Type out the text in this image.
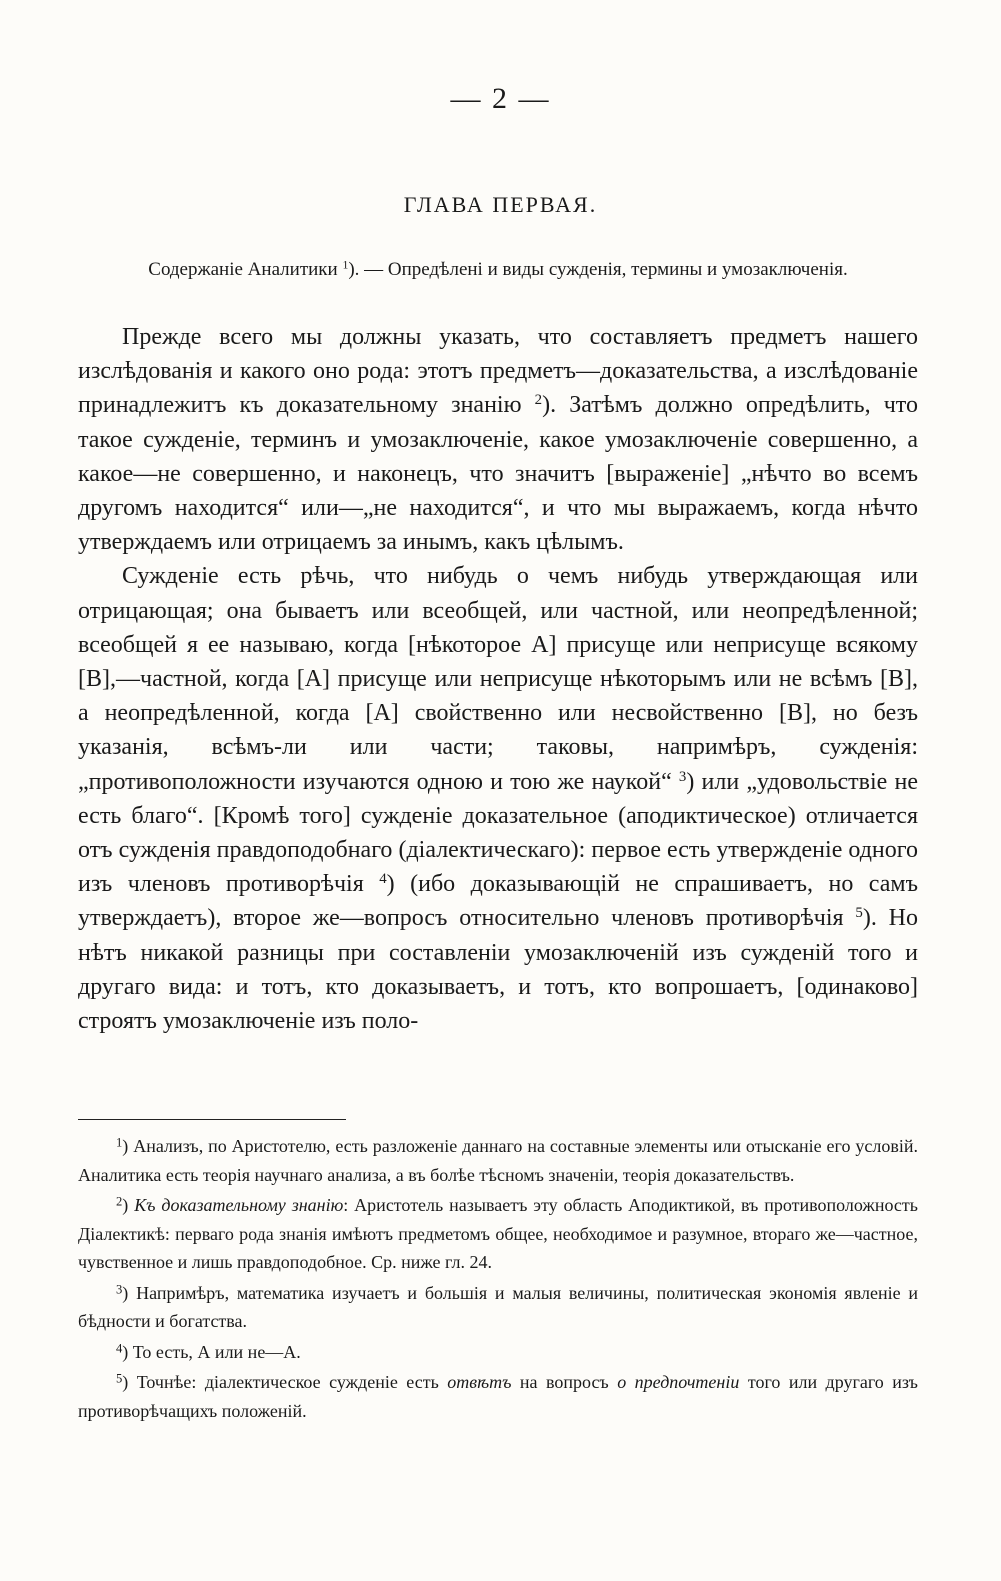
— 2 —
ГЛАВА ПЕРВАЯ.
Содержаніе Аналитики $^1$). — Опредѣлені и виды сужденія, термины и умозаключенія.

Прежде всего мы должны указать, что составляетъ предметъ нашего изслѣдованія и какого оно рода: этотъ предметъ—доказательства, а изслѣдованіе принадлежитъ къ доказательному знанію $^2$). Затѣмъ должно опредѣлить, что такое сужденіе, терминъ и умозаключеніе, какое умозаключеніе совершенно, а какое—не совершенно, и наконецъ, что значитъ [выраженіе] „нѣчто во всемъ другомъ находится“ или—„не находится“, и что мы выражаемъ, когда нѣчто утверждаемъ или отрицаемъ за инымъ, какъ цѣлымъ.

Сужденіе есть рѣчь, что нибудь о чемъ нибудь утверждающая или отрицающая; она бываетъ или всеобщей, или частной, или неопредѣленной; всеобщей я ее называю, когда [нѣкоторое А] присуще или неприсуще всякому [В],—частной, когда [А] присуще или неприсуще нѣкоторымъ или не всѣмъ [В], а неопредѣленной, когда [А] свойственно или несвойственно [В], но безъ указанія, всѣмъ-ли или части; таковы, напримѣръ, сужденія: „противоположности изучаются одною и тою же наукой“ $^3$) или „удовольствіе не есть благо“. [Кромѣ того] сужденіе доказательное (аподиктическое) отличается отъ сужденія правдоподобнаго (діалектическаго): первое есть утвержденіе одного изъ членовъ противорѣчія $^4$) (ибо доказывающій не спрашиваетъ, но самъ утверждаетъ), второе же—вопросъ относительно членовъ противорѣчія $^5$). Но нѣтъ никакой разницы при составленіи умозаключеній изъ сужденій того и другаго вида: и тотъ, кто доказываетъ, и тотъ, кто вопрошаетъ, [одинаково] строятъ умозаключеніе изъ поло-

$^1$) Анализъ, по Аристотелю, есть разложеніе даннаго на составные элементы или отысканіе его условій. Аналитика есть теорія научнаго анализа, а въ болѣе тѣсномъ значеніи, теорія доказательствъ.

$^2$) Къ доказательному знанію: Аристотель называетъ эту область Аподиктикой, въ противоположность Діалектикѣ: перваго рода знанія имѣютъ предметомъ общее, необходимое и разумное, втораго же—частное, чувственное и лишь правдоподобное. Ср. ниже гл. 24.

$^3$) Напримѣръ, математика изучаетъ и большія и малыя величины, политическая экономія явленіе и бѣдности и богатства.

$^4$) То есть, А или не—А.

$^5$) Точнѣе: діалектическое сужденіе есть отвѣтъ на вопросъ о предпочтеніи того или другаго изъ противорѣчащихъ положеній.
